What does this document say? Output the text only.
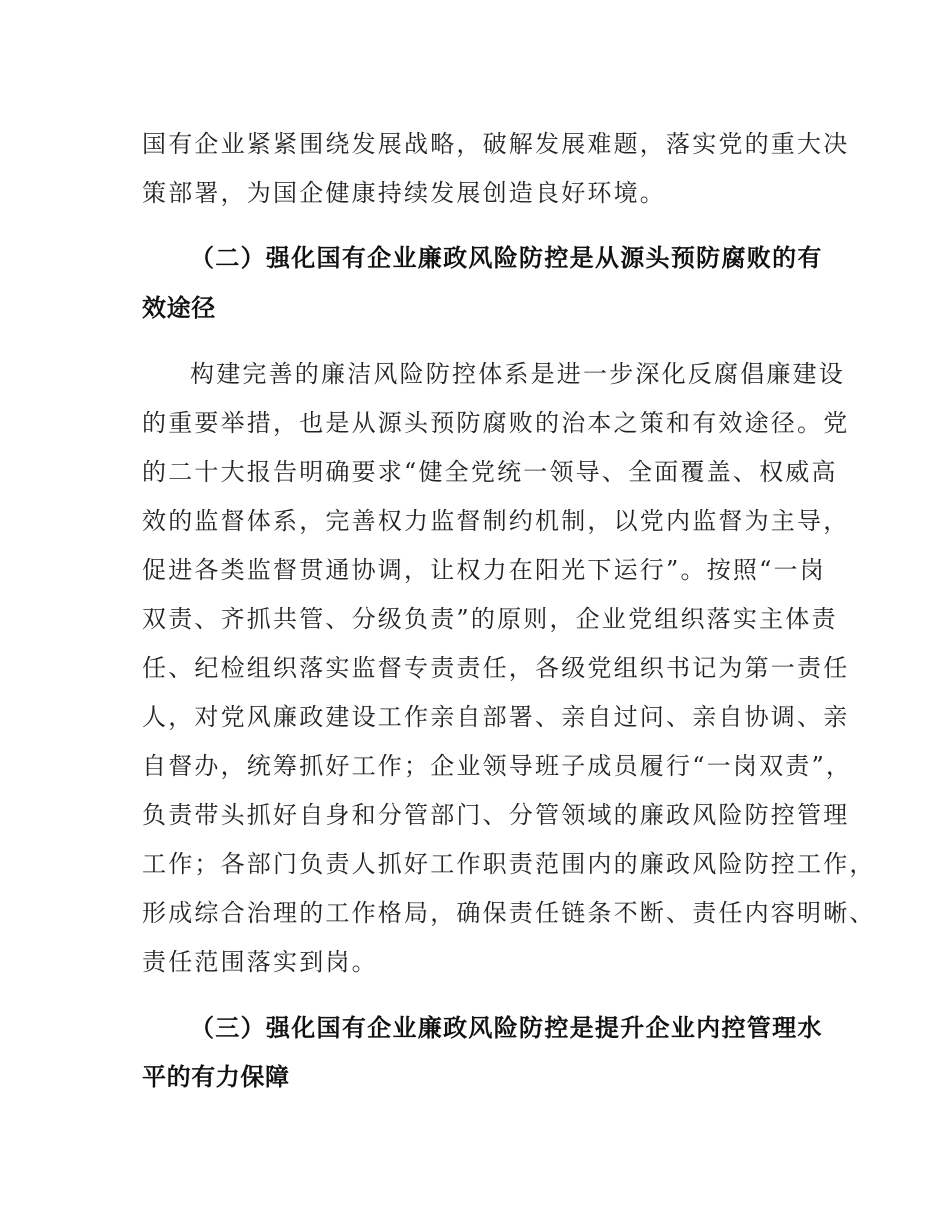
国有企业紧紧围绕发展战略，破解发展难题，落实党的重大决
策部署，为国企健康持续发展创造良好环境。
（二）强化国有企业廉政风险防控是从源头预防腐败的有
效途径
构建完善的廉洁风险防控体系是进一步深化反腐倡廉建设
的重要举措，也是从源头预防腐败的治本之策和有效途径。党
的二十大报告明确要求“健全党统一领导、全面覆盖、权威高
效的监督体系，完善权力监督制约机制，以党内监督为主导，
促进各类监督贯通协调，让权力在阳光下运行”。按照“一岗
双责、齐抓共管、分级负责”的原则，企业党组织落实主体责
任、纪检组织落实监督专责责任，各级党组织书记为第一责任
人，对党风廉政建设工作亲自部署、亲自过问、亲自协调、亲
自督办，统筹抓好工作；企业领导班子成员履行“一岗双责”，
负责带头抓好自身和分管部门、分管领域的廉政风险防控管理
工作；各部门负责人抓好工作职责范围内的廉政风险防控工作，
形成综合治理的工作格局，确保责任链条不断、责任内容明晰、
责任范围落实到岗。
（三）强化国有企业廉政风险防控是提升企业内控管理水
平的有力保障
